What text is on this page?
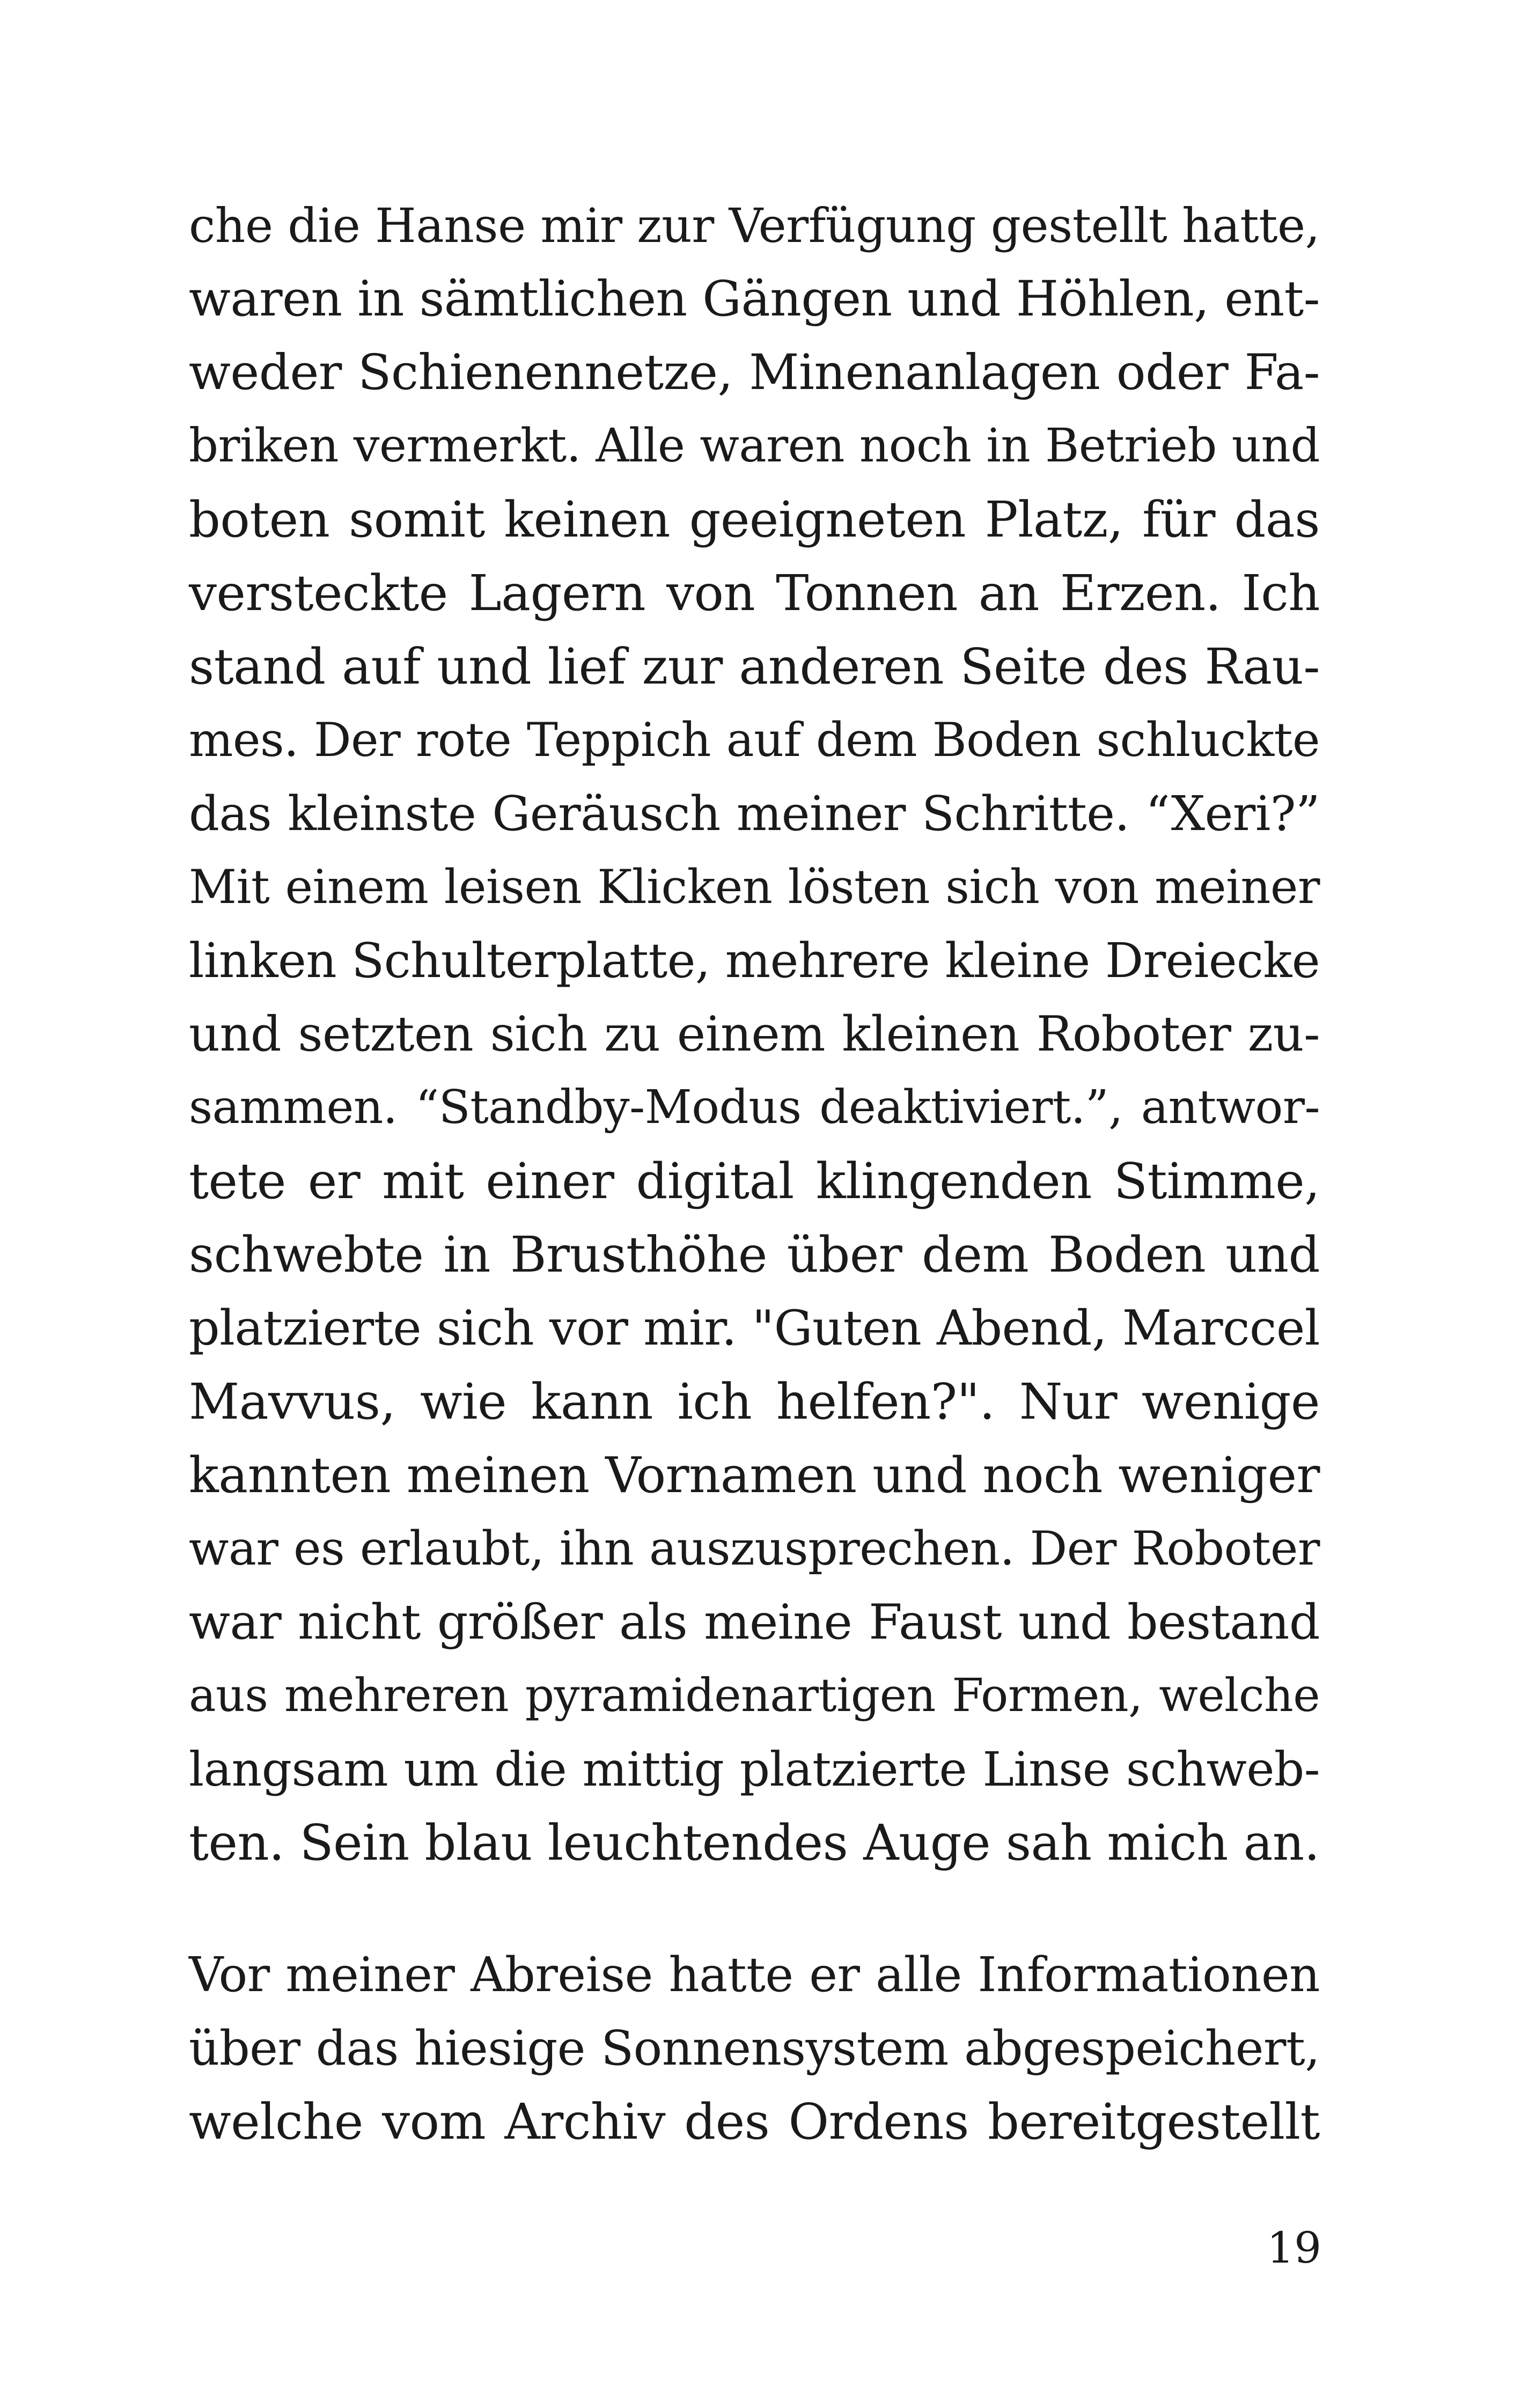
che die Hanse mir zur Verfügung gestellt hatte,
waren in sämtlichen Gängen und Höhlen, ent-
weder Schienennetze, Minenanlagen oder Fa-
briken vermerkt. Alle waren noch in Betrieb und
boten somit keinen geeigneten Platz, für das
versteckte Lagern von Tonnen an Erzen. Ich
stand auf und lief zur anderen Seite des Rau-
mes. Der rote Teppich auf dem Boden schluckte
das kleinste Geräusch meiner Schritte. “Xeri?”
Mit einem leisen Klicken lösten sich von meiner
linken Schulterplatte, mehrere kleine Dreiecke
und setzten sich zu einem kleinen Roboter zu-
sammen. “Standby-Modus deaktiviert.”, antwor-
tete er mit einer digital klingenden Stimme,
schwebte in Brusthöhe über dem Boden und
platzierte sich vor mir. "Guten Abend, Marccel
Mavvus, wie kann ich helfen?". Nur wenige
kannten meinen Vornamen und noch weniger
war es erlaubt, ihn auszusprechen. Der Roboter
war nicht größer als meine Faust und bestand
aus mehreren pyramidenartigen Formen, welche
langsam um die mittig platzierte Linse schweb-
ten. Sein blau leuchtendes Auge sah mich an.
Vor meiner Abreise hatte er alle Informationen
über das hiesige Sonnensystem abgespeichert,
welche vom Archiv des Ordens bereitgestellt
19
